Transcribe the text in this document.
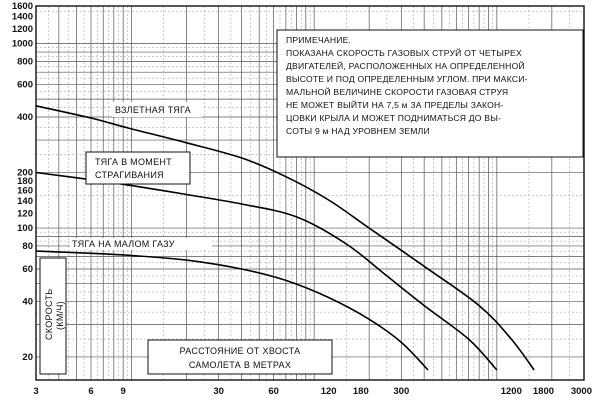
1600
1400
1200
1000
800
600
400
200
180
160
140
120
100
80
60
40
20
3	6	9	30	60	120 180	300	1200 1800 3000
ПРИМЕЧАНИЕ.
ПОКАЗАНА СКОРОСТЬ ГАЗОВЫХ СТРУЙ ОТ ЧЕТЫРЕХ
ДВИГАТЕЛЕЙ, РАСПОЛОЖЕННЫХ НА ОПРЕДЕЛЕННОЙ
ВЫСОТЕ И ПОД ОПРЕДЕЛЕННЫМ УГЛОМ. ПРИ МАКСИ-
МАЛЬНОЙ ВЕЛИЧИНЕ СКОРОСТИ ГАЗОВАЯ СТРУЯ
НЕ МОЖЕТ ВЫЙТИ НА 7,5 м ЗА ПРЕДЕЛЫ ЗАКОН-
ЦОВКИ КРЫЛА И МОЖЕТ ПОДНИМАТЬСЯ ДО ВЫ-
СОТЫ 9 м НАД УРОВНЕМ ЗЕМЛИ
ВЗЛЕТНАЯ ТЯГА
ТЯГА В МОМЕНТ
СТРАГИВАНИЯ
ТЯГА НА МАЛОМ ГАЗУ
СКОРОСТЬ (КМ/Ч)
РАССТОЯНИЕ ОТ ХВОСТА
САМОЛЕТА В МЕТРАХ
